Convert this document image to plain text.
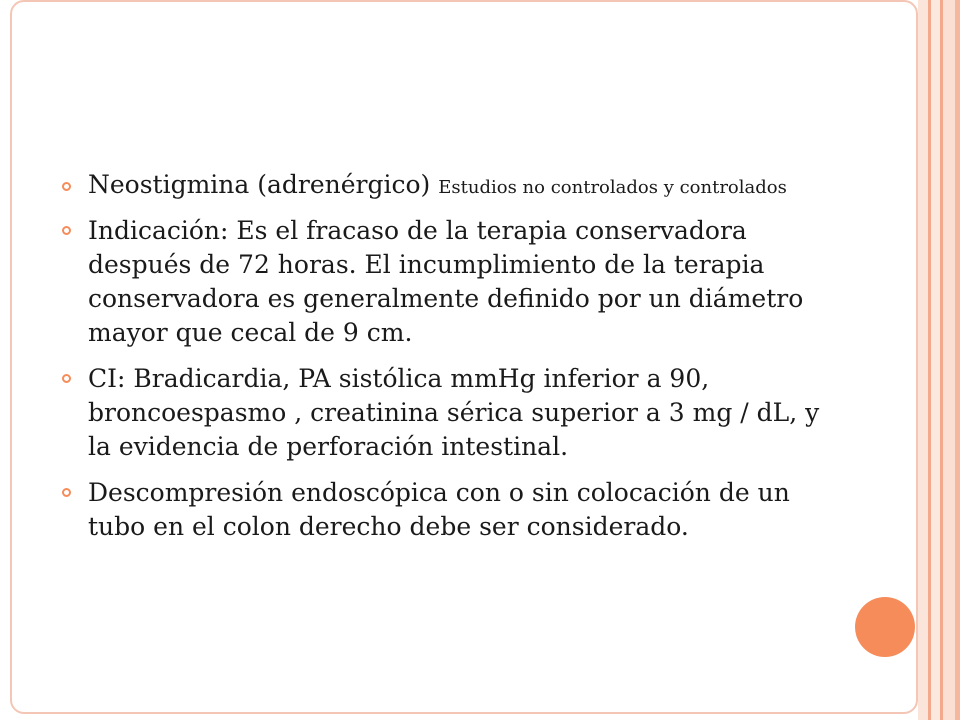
Neostigmina (adrenérgico) Estudios no controlados y controlados
Indicación: Es el fracaso de la terapia conservadora después de 72 horas. El incumplimiento de la terapia conservadora es generalmente definido por un diámetro mayor que cecal de 9 cm.
CI: Bradicardia, PA sistólica mmHg inferior a 90, broncoespasmo , creatinina sérica superior a 3 mg / dL, y la evidencia de perforación intestinal.
Descompresión endoscópica con o sin colocación de un tubo en el colon derecho debe ser considerado.
